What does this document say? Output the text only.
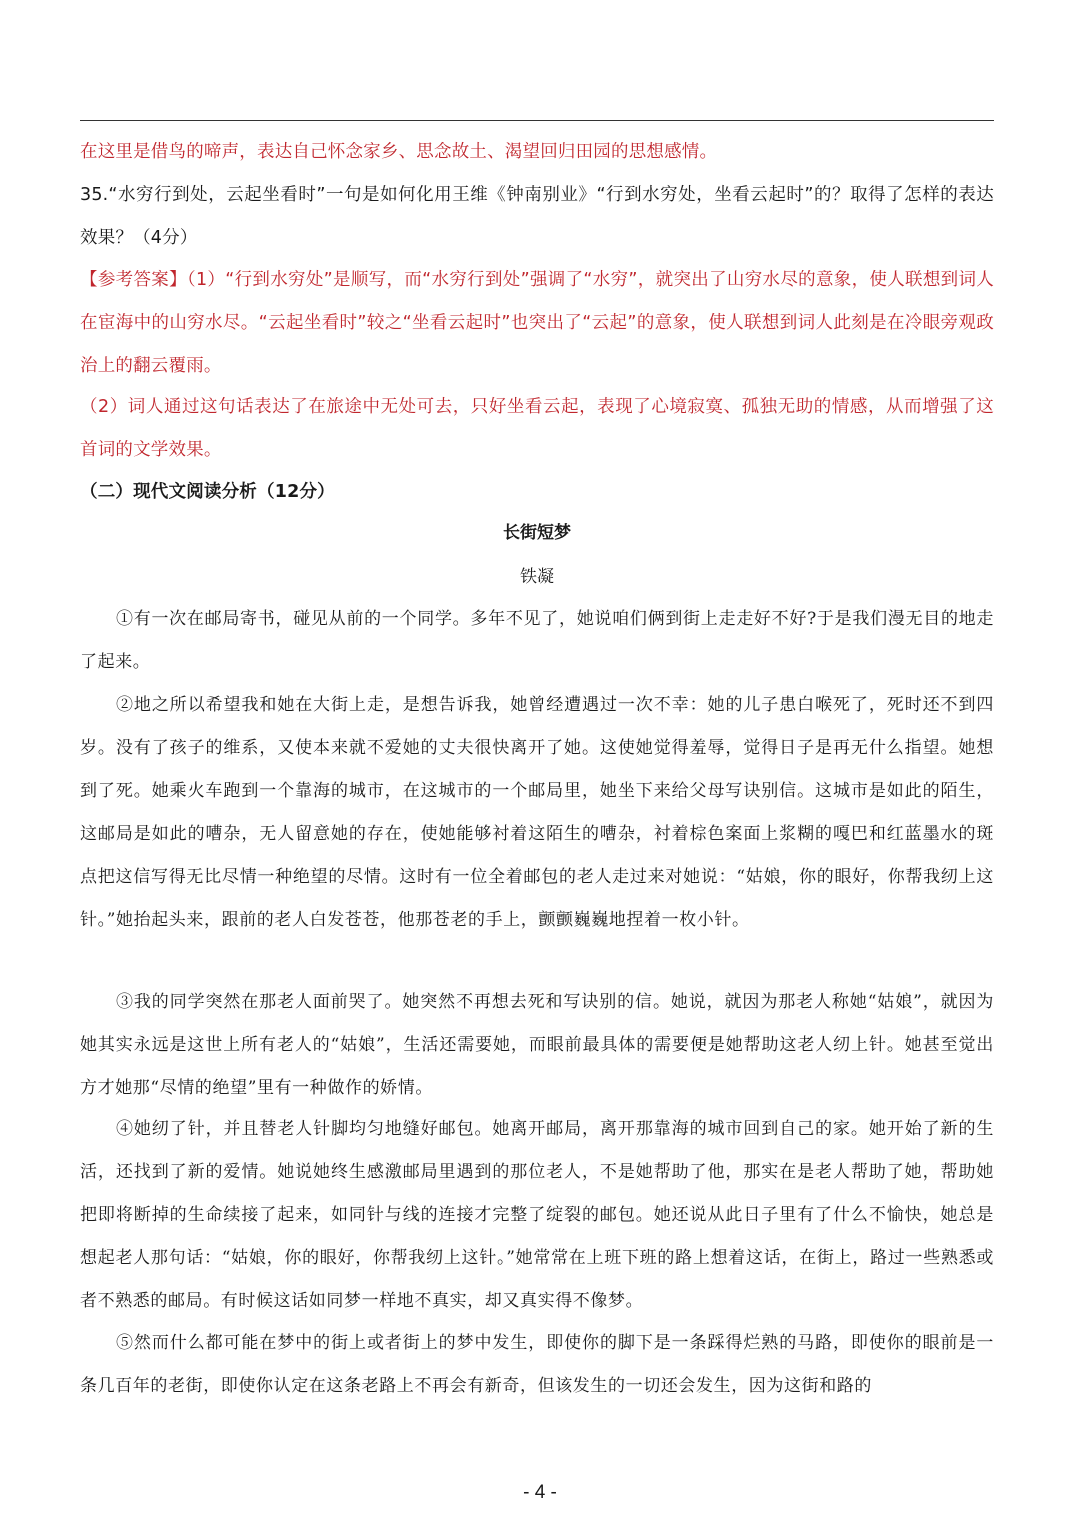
在这里是借鸟的啼声，表达自己怀念家乡、思念故土、渴望回归田园的思想感情。

35.“水穷行到处，云起坐看时”一句是如何化用王维《钟南别业》“行到水穷处，坐看云起时”的？取得了怎样的表达效果？（4分）

【参考答案】（1）“行到水穷处”是顺写，而“水穷行到处”强调了“水穷”，就突出了山穷水尽的意象，使人联想到词人在宦海中的山穷水尽。“云起坐看时”较之“坐看云起时”也突出了“云起”的意象，使人联想到词人此刻是在冷眼旁观政治上的翻云覆雨。

（2）词人通过这句话表达了在旅途中无处可去，只好坐看云起，表现了心境寂寞、孤独无助的情感，从而增强了这首词的文学效果。

（二）现代文阅读分析（12分）

长街短梦

铁凝

①有一次在邮局寄书，碰见从前的一个同学。多年不见了，她说咱们俩到街上走走好不好?于是我们漫无目的地走了起来。

②地之所以希望我和她在大街上走，是想告诉我，她曾经遭遇过一次不幸：她的儿子患白喉死了，死时还不到四岁。没有了孩子的维系，又使本来就不爱她的丈夫很快离开了她。这使她觉得羞辱，觉得日子是再无什么指望。她想到了死。她乘火车跑到一个靠海的城市，在这城市的一个邮局里，她坐下来给父母写诀别信。这城市是如此的陌生，这邮局是如此的嘈杂，无人留意她的存在，使她能够衬着这陌生的嘈杂，衬着棕色案面上浆糊的嘎巴和红蓝墨水的斑点把这信写得无比尽情一种绝望的尽情。这时有一位全着邮包的老人走过来对她说：“姑娘，你的眼好，你帮我纫上这针。”她抬起头来，跟前的老人白发苍苍，他那苍老的手上，颤颤巍巍地捏着一枚小针。

③我的同学突然在那老人面前哭了。她突然不再想去死和写诀别的信。她说，就因为那老人称她“姑娘”，就因为她其实永远是这世上所有老人的“姑娘”，生活还需要她，而眼前最具体的需要便是她帮助这老人纫上针。她甚至觉出方才她那“尽情的绝望”里有一种做作的娇情。

④她纫了针，并且替老人针脚均匀地缝好邮包。她离开邮局，离开那靠海的城市回到自己的家。她开始了新的生活，还找到了新的爱情。她说她终生感激邮局里遇到的那位老人，不是她帮助了他，那实在是老人帮助了她，帮助她把即将断掉的生命续接了起来，如同针与线的连接才完整了绽裂的邮包。她还说从此日子里有了什么不愉快，她总是想起老人那句话：“姑娘，你的眼好，你帮我纫上这针。”她常常在上班下班的路上想着这话，在街上，路过一些熟悉或者不熟悉的邮局。有时候这话如同梦一样地不真实，却又真实得不像梦。

⑤然而什么都可能在梦中的街上或者街上的梦中发生，即使你的脚下是一条踩得烂熟的马路，即使你的眼前是一条几百年的老街，即使你认定在这条老路上不再会有新奇，但该发生的一切还会发生，因为这街和路的

- 4 -
